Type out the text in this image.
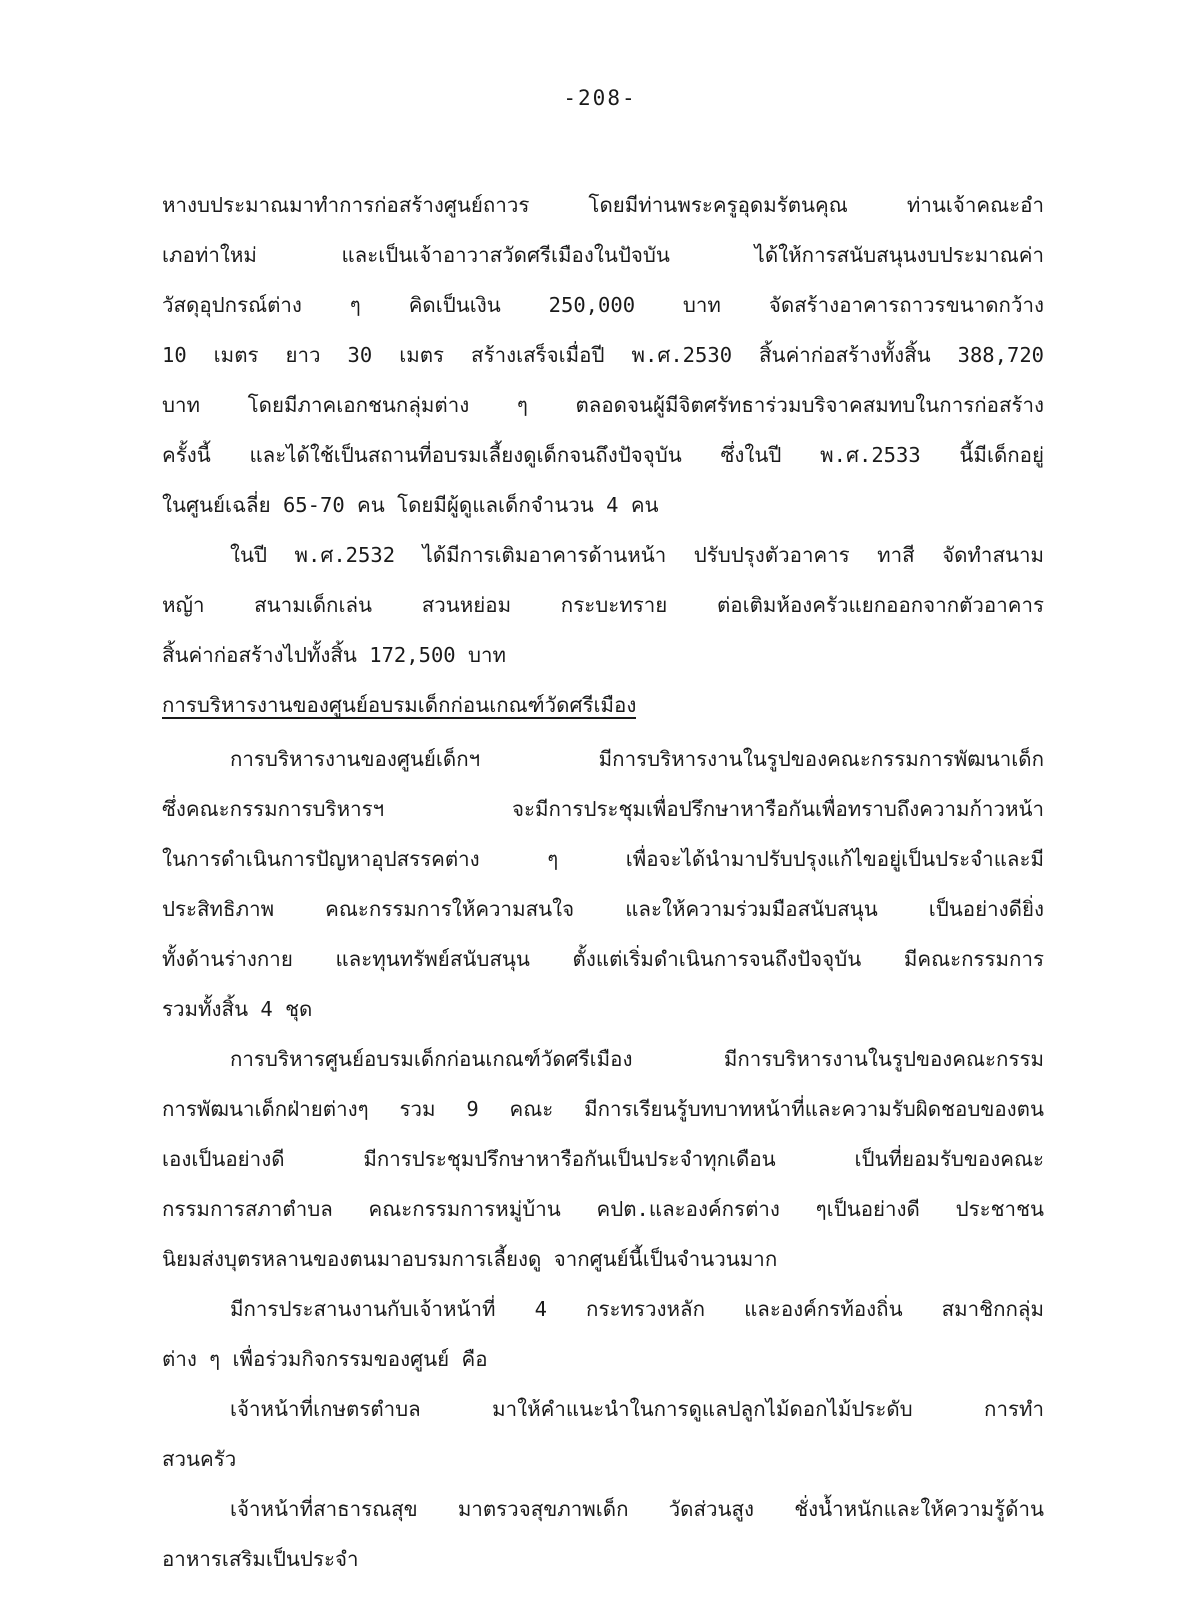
-208-
หางบประมาณมาทำการก่อสร้างศูนย์ถาวร โดยมีท่านพระครูอุดมรัตนคุณ ท่านเจ้าคณะอำ
เภอท่าใหม่ และเป็นเจ้าอาวาสวัดศรีเมืองในปัจบัน ได้ให้การสนับสนุนงบประมาณค่า
วัสดุอุปกรณ์ต่าง ๆ คิดเป็นเงิน 250,000 บาท จัดสร้างอาคารถาวรขนาดกว้าง
10 เมตร ยาว 30 เมตร สร้างเสร็จเมื่อปี พ.ศ.2530 สิ้นค่าก่อสร้างทั้งสิ้น 388,720
บาท โดยมีภาคเอกชนกลุ่มต่าง ๆ ตลอดจนผู้มีจิตศรัทธาร่วมบริจาคสมทบในการก่อสร้าง
ครั้งนี้ และได้ใช้เป็นสถานที่อบรมเลี้ยงดูเด็กจนถึงปัจจุบัน ซึ่งในปี พ.ศ.2533 นี้มีเด็กอยู่
ในศูนย์เฉลี่ย 65-70 คน โดยมีผู้ดูแลเด็กจำนวน 4 คน
ในปี พ.ศ.2532 ได้มีการเติมอาคารด้านหน้า ปรับปรุงตัวอาคาร ทาสี จัดทำสนาม
หญ้า สนามเด็กเล่น สวนหย่อม กระบะทราย ต่อเติมห้องครัวแยกออกจากตัวอาคาร
สิ้นค่าก่อสร้างไปทั้งสิ้น 172,500 บาท
การบริหารงานของศูนย์อบรมเด็กก่อนเกณฑ์วัดศรีเมือง
การบริหารงานของศูนย์เด็กฯ มีการบริหารงานในรูปของคณะกรรมการพัฒนาเด็ก
ซึ่งคณะกรรมการบริหารฯ จะมีการประชุมเพื่อปรึกษาหารือกันเพื่อทราบถึงความก้าวหน้า
ในการดำเนินการปัญหาอุปสรรคต่าง ๆ เพื่อจะได้นำมาปรับปรุงแก้ไขอยู่เป็นประจำและมี
ประสิทธิภาพ คณะกรรมการให้ความสนใจ และให้ความร่วมมือสนับสนุน เป็นอย่างดียิ่ง
ทั้งด้านร่างกาย และทุนทรัพย์สนับสนุน ตั้งแต่เริ่มดำเนินการจนถึงปัจจุบัน มีคณะกรรมการ
รวมทั้งสิ้น 4 ชุด
การบริหารศูนย์อบรมเด็กก่อนเกณฑ์วัดศรีเมือง มีการบริหารงานในรูปของคณะกรรม
การพัฒนาเด็กฝ่ายต่างๆ รวม 9 คณะ มีการเรียนรู้บทบาทหน้าที่และความรับผิดชอบของตน
เองเป็นอย่างดี มีการประชุมปรึกษาหารือกันเป็นประจำทุกเดือน เป็นที่ยอมรับของคณะ
กรรมการสภาตำบล คณะกรรมการหมู่บ้าน คปต.และองค์กรต่าง ๆเป็นอย่างดี ประชาชน
นิยมส่งบุตรหลานของตนมาอบรมการเลี้ยงดู จากศูนย์นี้เป็นจำนวนมาก
มีการประสานงานกับเจ้าหน้าที่ 4 กระทรวงหลัก และองค์กรท้องถิ่น สมาชิกกลุ่ม
ต่าง ๆ เพื่อร่วมกิจกรรมของศูนย์ คือ
เจ้าหน้าที่เกษตรตำบล มาให้คำแนะนำในการดูแลปลูกไม้ดอกไม้ประดับ การทำ
สวนครัว
เจ้าหน้าที่สาธารณสุข มาตรวจสุขภาพเด็ก วัดส่วนสูง ชั่งน้ำหนักและให้ความรู้ด้าน
อาหารเสริมเป็นประจำ
